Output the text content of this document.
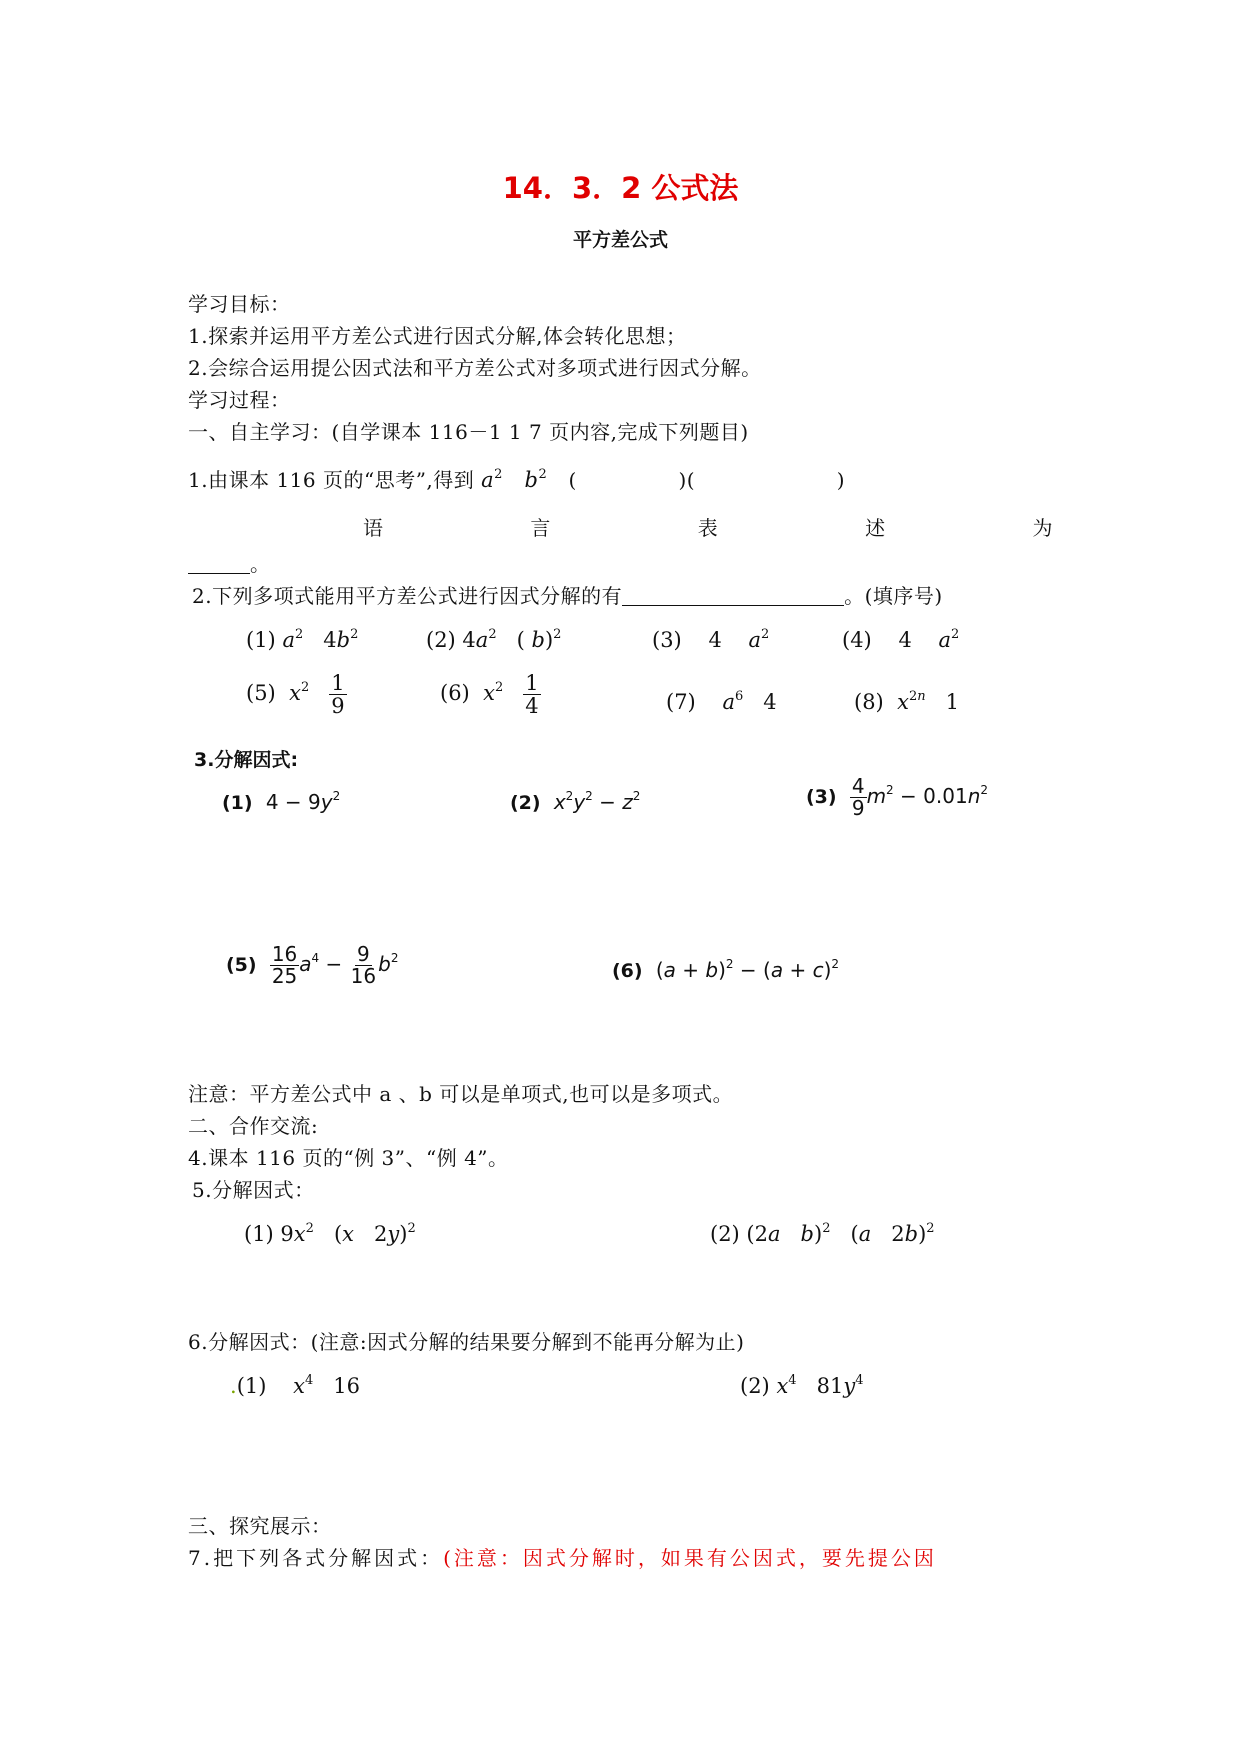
14．3．2 公式法
平方差公式
学习目标：
1.探索并运用平方差公式进行因式分解,体会转化思想；
2.会综合运用提公因式法和平方差公式对多项式进行因式分解。
学习过程：
一、自主学习：(自学课本 116－1 1 7 页内容,完成下列题目)
1.由课本 116 页的“思考”,得到 $a^2$ $b^2$ (	)(	)
语	言	表	述	为
。
2.下列多项式能用平方差公式进行因式分解的有	。(填序号)
(1) $a^2$   $4b^2$	(2) $4a^2$   ( b)$^2$	(3)    4    $a^2$	(4)    4    $a^2$
(5) $x^2 \frac{1}{9}$	(6) $x^2 \frac{1}{4}$	(7) $a^6$   4	(8) $x^{2n}$   1
3.分解因式:
(1) $4 - 9y^2$	(2) $x^2y^2 - z^2$	$(3) \frac{4}{9} m^2 - 0.01n^2$
$(5) \frac{16}{25} a^4 - \frac{9}{16} b^2$
(6) $(a + b)^2 - (a + c)^2$
注意：平方差公式中 a 、b 可以是单项式,也可以是多项式。
二、合作交流:
4.课本 116 页的“例 3”、“例 4”。
5.分解因式：
(1) $9x^2$   (x   2y)$^2$	(2) (2a b)$^2$   (a   2b)$^2$
6.分解因式：(注意:因式分解的结果要分解到不能再分解为止)
.(1) $x^4$   16	(2) $x^4$   $81y^4$
三、探究展示：
7.把下列各式分解因式：(注意：因式分解时，如果有公因式，要先提公因
